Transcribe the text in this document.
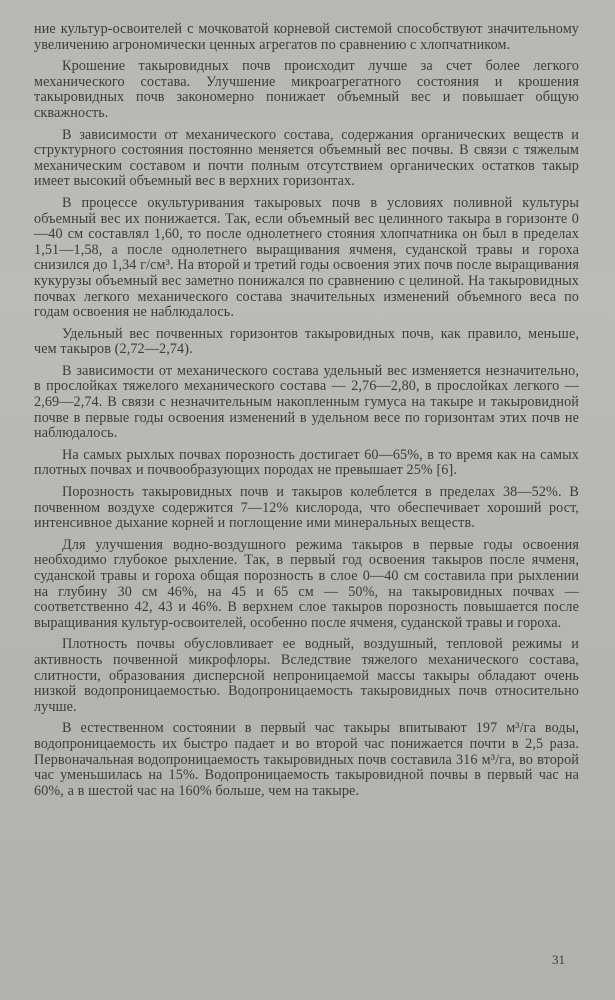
ние культур-освоителей с мочковатой корневой системой способствуют значительному увеличению агрономически ценных агрегатов по сравнению с хлопчатником.

Крошение такыровидных почв происходит лучше за счет более легкого механического состава. Улучшение микроагрегатного состояния и крошения такыровидных почв закономерно понижает объемный вес и повышает общую скважность.

В зависимости от механического состава, содержания органических веществ и структурного состояния постоянно меняется объемный вес почвы. В связи с тяжелым механическим составом и почти полным отсутствием органических остатков такыр имеет высокий объемный вес в верхних горизонтах.

В процессе окультуривания такыровых почв в условиях поливной культуры объемный вес их понижается. Так, если объемный вес целинного такыра в горизонте 0—40 см составлял 1,60, то после однолетнего стояния хлопчатника он был в пределах 1,51—1,58, а после однолетнего выращивания ячменя, суданской травы и гороха снизился до 1,34 г/см³. На второй и третий годы освоения этих почв после выращивания кукурузы объемный вес заметно понижался по сравнению с целиной. На такыровидных почвах легкого механического состава значительных изменений объемного веса по годам освоения не наблюдалось.

Удельный вес почвенных горизонтов такыровидных почв, как правило, меньше, чем такыров (2,72—2,74).

В зависимости от механического состава удельный вес изменяется незначительно, в прослойках тяжелого механического состава — 2,76—2,80, в прослойках легкого — 2,69—2,74. В связи с незначительным накопленным гумуса на такыре и такыровидной почве в первые годы освоения изменений в удельном весе по горизонтам этих почв не наблюдалось.

На самых рыхлых почвах порозность достигает 60—65%, в то время как на самых плотных почвах и почвообразующих породах не превышает 25% [6].

Порозность такыровидных почв и такыров колеблется в пределах 38—52%. В почвенном воздухе содержится 7—12% кислорода, что обеспечивает хороший рост, интенсивное дыхание корней и поглощение ими минеральных веществ.

Для улучшения водно-воздушного режима такыров в первые годы освоения необходимо глубокое рыхление. Так, в первый год освоения такыров после ячменя, суданской травы и гороха общая порозность в слое 0—40 см составила при рыхлении на глубину 30 см 46%, на 45 и 65 см — 50%, на такыровидных почвах — соответственно 42, 43 и 46%. В верхнем слое такыров порозность повышается после выращивания культур-освоителей, особенно после ячменя, суданской травы и гороха.

Плотность почвы обусловливает ее водный, воздушный, тепловой режимы и активность почвенной микрофлоры. Вследствие тяжелого механического состава, слитности, образования дисперсной непроницаемой массы такыры обладают очень низкой водопроницаемостью. Водопроницаемость такыровидных почв относительно лучше.

В естественном состоянии в первый час такыры впитывают 197 м³/га воды, водопроницаемость их быстро падает и во второй час понижается почти в 2,5 раза. Первоначальная водопроницаемость такыровидных почв составила 316 м³/га, во второй час уменьшилась на 15%. Водопроницаемость такыровидной почвы в первый час на 60%, а в шестой час на 160% больше, чем на такыре.

31
